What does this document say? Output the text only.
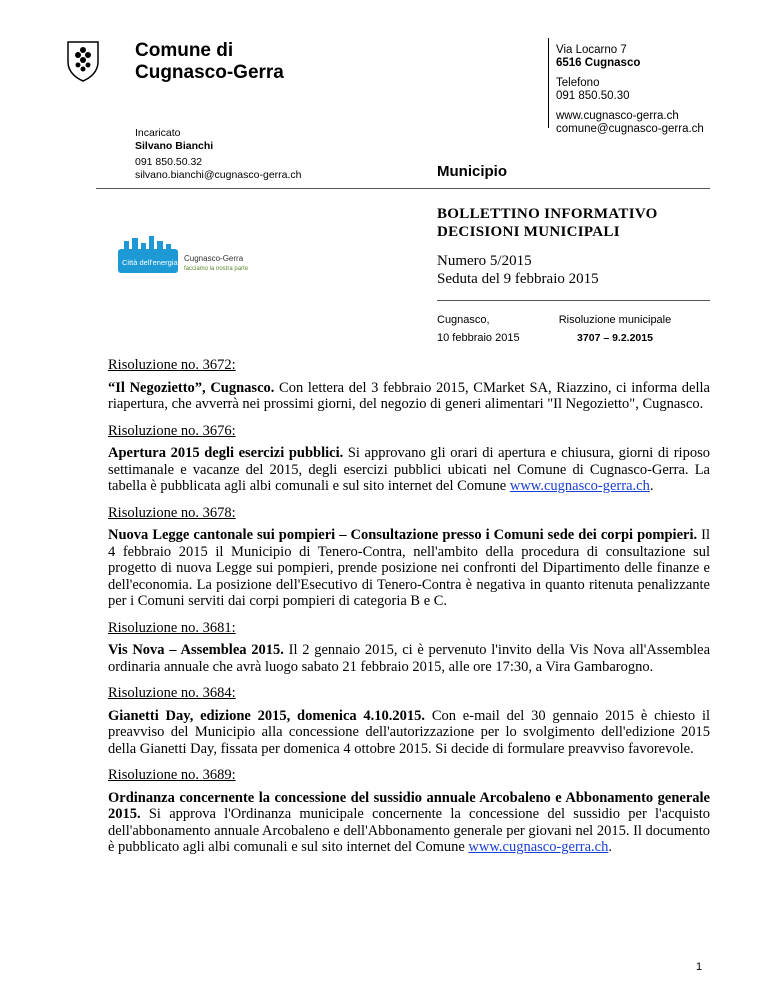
Comune di
Cugnasco-Gerra
Via Locarno 7
6516 Cugnasco
Telefono
091 850.50.30
www.cugnasco-gerra.ch
comune@cugnasco-gerra.ch
Incaricato
Silvano Bianchi
091 850.50.32
silvano.bianchi@cugnasco-gerra.ch	Municipio
Città dell'energia Cugnasco-Gerra
facciamo la nostra parte
BOLLETTINO INFORMATIVO
DECISIONI MUNICIPALI
Numero 5/2015
Seduta del 9 febbraio 2015
Cugnasco,
10 febbraio 2015
Risoluzione municipale
3707 – 9.2.2015
Risoluzione no. 3672:
“Il Negozietto”, Cugnasco. Con lettera del 3 febbraio 2015, CMarket SA, Riazzino, ci informa della riapertura, che avverrà nei prossimi giorni, del negozio di generi alimentari "Il Negozietto", Cugnasco.
Risoluzione no. 3676:
Apertura 2015 degli esercizi pubblici. Si approvano gli orari di apertura e chiusura, giorni di riposo settimanale e vacanze del 2015, degli esercizi pubblici ubicati nel Comune di Cugnasco-Gerra. La tabella è pubblicata agli albi comunali e sul sito internet del Comune www.cugnasco-gerra.ch.
Risoluzione no. 3678:
Nuova Legge cantonale sui pompieri – Consultazione presso i Comuni sede dei corpi pompieri. Il 4 febbraio 2015 il Municipio di Tenero-Contra, nell'ambito della procedura di consultazione sul progetto di nuova Legge sui pompieri, prende posizione nei confronti del Dipartimento delle finanze e dell'economia. La posizione dell'Esecutivo di Tenero-Contra è negativa in quanto ritenuta penalizzante per i Comuni serviti dai corpi pompieri di categoria B e C.
Risoluzione no. 3681:
Vis Nova – Assemblea 2015. Il 2 gennaio 2015, ci è pervenuto l'invito della Vis Nova all'Assemblea ordinaria annuale che avrà luogo sabato 21 febbraio 2015, alle ore 17:30, a Vira Gambarogno.
Risoluzione no. 3684:
Gianetti Day, edizione 2015, domenica 4.10.2015. Con e-mail del 30 gennaio 2015 è chiesto il preavviso del Municipio alla concessione dell'autorizzazione per lo svolgimento dell'edizione 2015 della Gianetti Day, fissata per domenica 4 ottobre 2015. Si decide di formulare preavviso favorevole.
Risoluzione no. 3689:
Ordinanza concernente la concessione del sussidio annuale Arcobaleno e Abbonamento generale 2015. Si approva l'Ordinanza municipale concernente la concessione del sussidio per l'acquisto dell'abbonamento annuale Arcobaleno e dell'Abbonamento generale per giovani nel 2015. Il documento è pubblicato agli albi comunali e sul sito internet del Comune www.cugnasco-gerra.ch.
1
